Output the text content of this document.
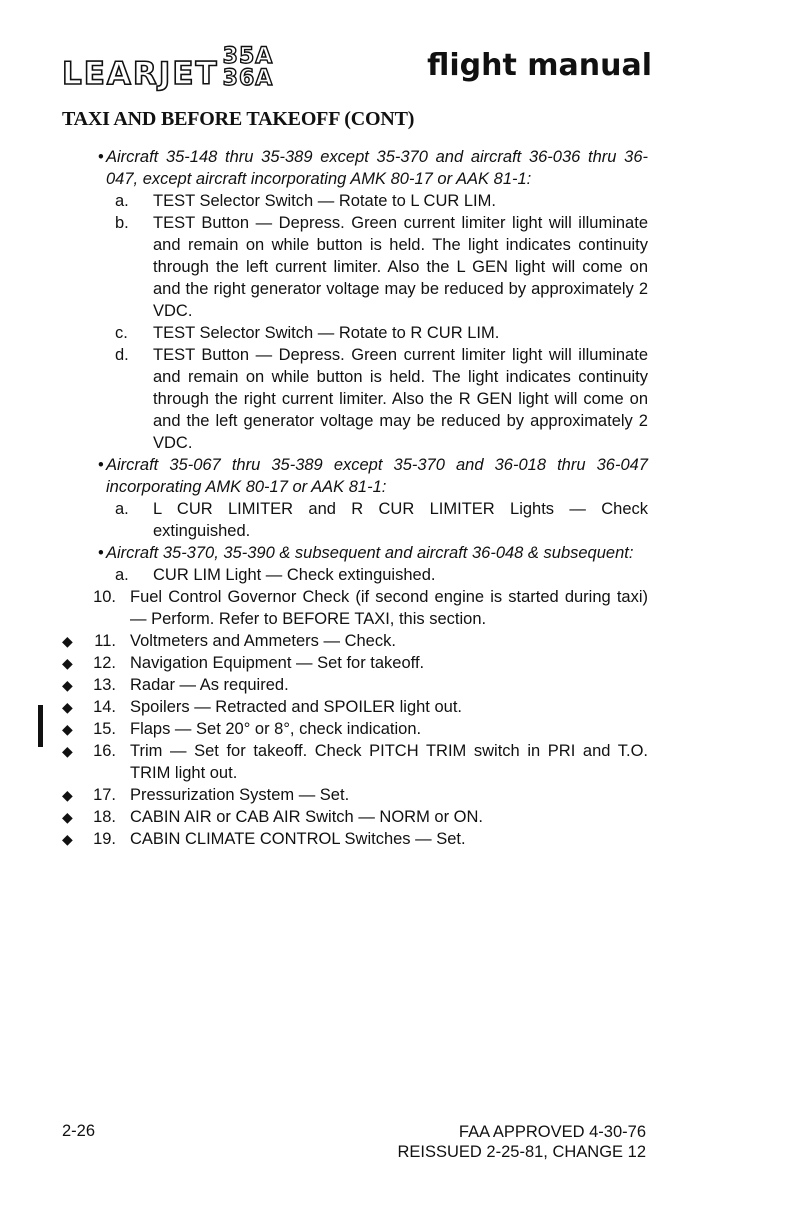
LEARJET 35A
36A	flight manual
TAXI AND BEFORE TAKEOFF (CONT)
• Aircraft 35-148 thru 35-389 except 35-370 and aircraft 36-036 thru 36-047, except aircraft incorporating AMK 80-17 or AAK 81-1:
a.	TEST Selector Switch — Rotate to L CUR LIM.
b.	TEST Button — Depress. Green current limiter light will illuminate and remain on while button is held. The light indicates continuity through the left current limiter. Also the L GEN light will come on and the right generator voltage may be reduced by approximately 2 VDC.
c.	TEST Selector Switch — Rotate to R CUR LIM.
d.	TEST Button — Depress. Green current limiter light will illuminate and remain on while button is held. The light indicates continuity through the right current limiter. Also the R GEN light will come on and the left generator voltage may be reduced by approximately 2 VDC.
• Aircraft 35-067 thru 35-389 except 35-370 and 36-018 thru 36-047 incorporating AMK 80-17 or AAK 81-1:
a.	L CUR LIMITER and R CUR LIMITER Lights — Check extinguished.
• Aircraft 35-370, 35-390 & subsequent and aircraft 36-048 & subsequent:
a.	CUR LIM Light — Check extinguished.
10. Fuel Control Governor Check (if second engine is started during taxi) — Perform. Refer to BEFORE TAXI, this section.
◆	11. Voltmeters and Ammeters — Check.
◆	12. Navigation Equipment — Set for takeoff.
◆	13. Radar — As required.
◆	14. Spoilers — Retracted and SPOILER light out.
◆	15. Flaps — Set 20° or 8°, check indication.
◆	16. Trim — Set for takeoff. Check PITCH TRIM switch in PRI and T.O. TRIM light out.
◆	17. Pressurization System — Set.
◆	18. CABIN AIR or CAB AIR Switch — NORM or ON.
◆	19. CABIN CLIMATE CONTROL Switches — Set.
2-26	FAA APPROVED 4-30-76
REISSUED 2-25-81, CHANGE 12
